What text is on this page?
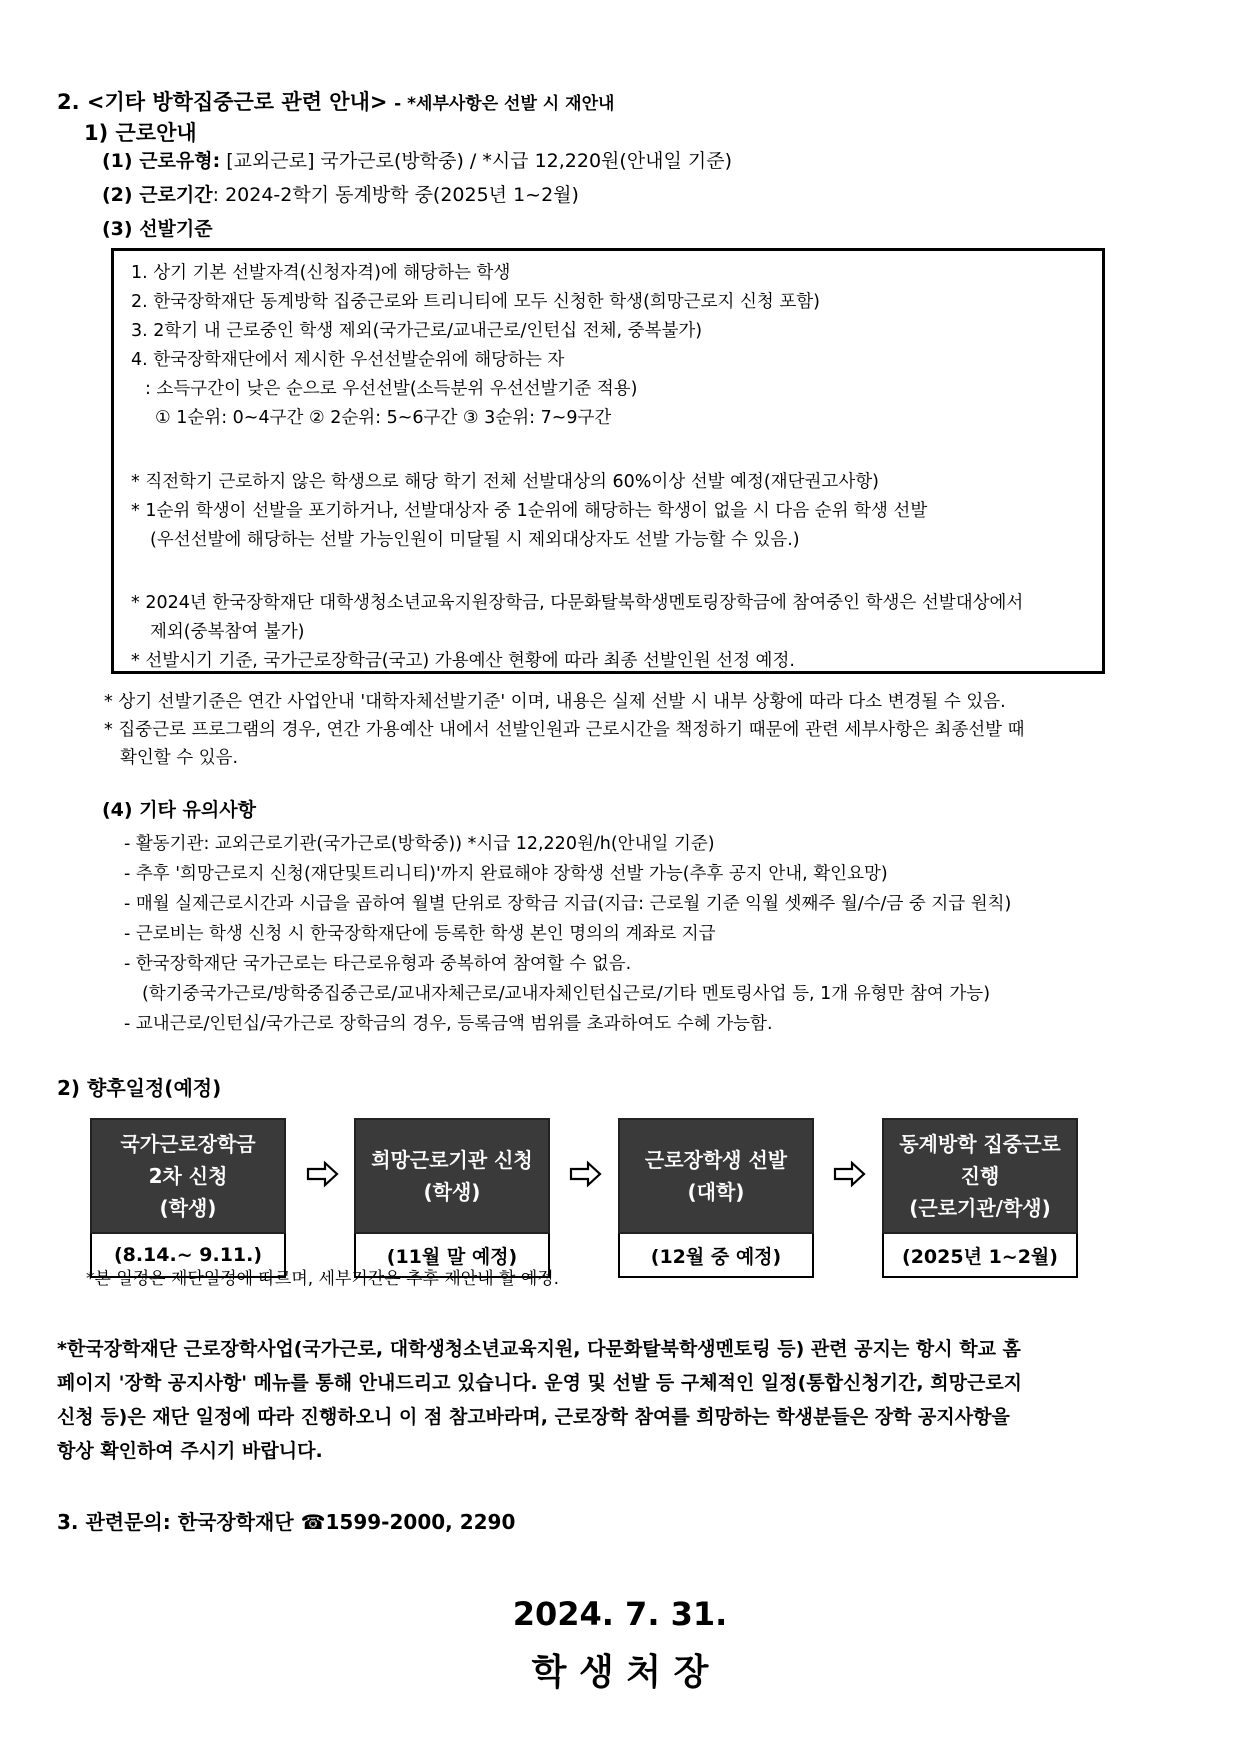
2. <기타 방학집중근로 관련 안내> - *세부사항은 선발 시 재안내
1) 근로안내
(1) 근로유형: [교외근로] 국가근로(방학중) / *시급 12,220원(안내일 기준)
(2) 근로기간: 2024-2학기 동계방학 중(2025년 1~2월)
(3) 선발기준
1. 상기 기본 선발자격(신청자격)에 해당하는 학생
2. 한국장학재단 동계방학 집중근로와 트리니티에 모두 신청한 학생(희망근로지 신청 포함)
3. 2학기 내 근로중인 학생 제외(국가근로/교내근로/인턴십 전체, 중복불가)
4. 한국장학재단에서 제시한 우선선발순위에 해당하는 자
: 소득구간이 낮은 순으로 우선선발(소득분위 우선선발기준 적용)
① 1순위: 0~4구간 ② 2순위: 5~6구간 ③ 3순위: 7~9구간
* 직전학기 근로하지 않은 학생으로 해당 학기 전체 선발대상의 60%이상 선발 예정(재단권고사항)
* 1순위 학생이 선발을 포기하거나, 선발대상자 중 1순위에 해당하는 학생이 없을 시 다음 순위 학생 선발
(우선선발에 해당하는 선발 가능인원이 미달될 시 제외대상자도 선발 가능할 수 있음.)
* 2024년 한국장학재단 대학생청소년교육지원장학금, 다문화탈북학생멘토링장학금에 참여중인 학생은 선발대상에서
제외(중복참여 불가)
* 선발시기 기준, 국가근로장학금(국고) 가용예산 현황에 따라 최종 선발인원 선정 예정.
* 상기 선발기준은 연간 사업안내 '대학자체선발기준' 이며, 내용은 실제 선발 시 내부 상황에 따라 다소 변경될 수 있음.
* 집중근로 프로그램의 경우, 연간 가용예산 내에서 선발인원과 근로시간을 책정하기 때문에 관련 세부사항은 최종선발 때
확인할 수 있음.
(4) 기타 유의사항
- 활동기관: 교외근로기관(국가근로(방학중)) *시급 12,220원/h(안내일 기준)
- 추후 '희망근로지 신청(재단및트리니티)'까지 완료해야 장학생 선발 가능(추후 공지 안내, 확인요망)
- 매월 실제근로시간과 시급을 곱하여 월별 단위로 장학금 지급(지급: 근로월 기준 익월 셋째주 월/수/금 중 지급 원칙)
- 근로비는 학생 신청 시 한국장학재단에 등록한 학생 본인 명의의 계좌로 지급
- 한국장학재단 국가근로는 타근로유형과 중복하여 참여할 수 없음.
(학기중국가근로/방학중집중근로/교내자체근로/교내자체인턴십근로/기타 멘토링사업 등, 1개 유형만 참여 가능)
- 교내근로/인턴십/국가근로 장학금의 경우, 등록금액 범위를 초과하여도 수혜 가능함.
2) 향후일정(예정)
국가근로장학금
2차 신청
(학생)
(8.14.~ 9.11.)
희망근로기관 신청
(학생)
(11월 말 예정)
근로장학생 선발
(대학)
(12월 중 예정)
동계방학 집중근로
진행
(근로기관/학생)
(2025년 1~2월)
*본 일정은 재단일정에 따르며, 세부기간은 추후 재안내 할 예정.
*한국장학재단 근로장학사업(국가근로, 대학생청소년교육지원, 다문화탈북학생멘토링 등) 관련 공지는 항시 학교 홈
페이지 '장학 공지사항' 메뉴를 통해 안내드리고 있습니다. 운영 및 선발 등 구체적인 일정(통합신청기간, 희망근로지
신청 등)은 재단 일정에 따라 진행하오니 이 점 참고바라며, 근로장학 참여를 희망하는 학생분들은 장학 공지사항을
항상 확인하여 주시기 바랍니다.
3. 관련문의: 한국장학재단 ☎1599-2000, 2290
2024. 7. 31.
학 생 처 장
